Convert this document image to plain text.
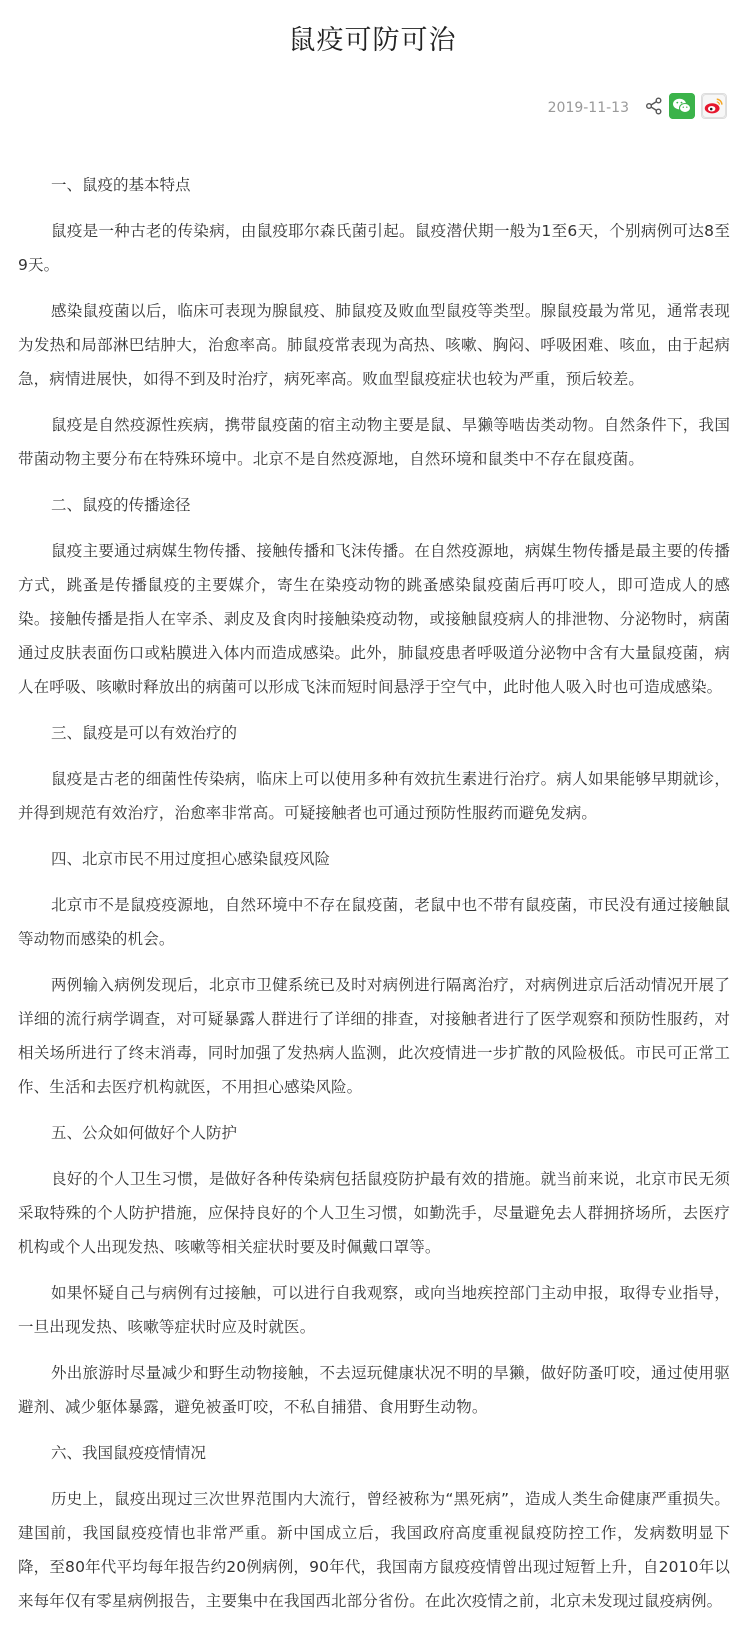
鼠疫可防可治
2019-11-13

一、鼠疫的基本特点

鼠疫是一种古老的传染病，由鼠疫耶尔森氏菌引起。鼠疫潜伏期一般为1至6天，个别病例可达8至9天。

感染鼠疫菌以后，临床可表现为腺鼠疫、肺鼠疫及败血型鼠疫等类型。腺鼠疫最为常见，通常表现为发热和局部淋巴结肿大，治愈率高。肺鼠疫常表现为高热、咳嗽、胸闷、呼吸困难、咳血，由于起病急，病情进展快，如得不到及时治疗，病死率高。败血型鼠疫症状也较为严重，预后较差。

鼠疫是自然疫源性疾病，携带鼠疫菌的宿主动物主要是鼠、旱獭等啮齿类动物。自然条件下，我国带菌动物主要分布在特殊环境中。北京不是自然疫源地，自然环境和鼠类中不存在鼠疫菌。

二、鼠疫的传播途径

鼠疫主要通过病媒生物传播、接触传播和飞沫传播。在自然疫源地，病媒生物传播是最主要的传播方式，跳蚤是传播鼠疫的主要媒介，寄生在染疫动物的跳蚤感染鼠疫菌后再叮咬人，即可造成人的感染。接触传播是指人在宰杀、剥皮及食肉时接触染疫动物，或接触鼠疫病人的排泄物、分泌物时，病菌通过皮肤表面伤口或粘膜进入体内而造成感染。此外，肺鼠疫患者呼吸道分泌物中含有大量鼠疫菌，病人在呼吸、咳嗽时释放出的病菌可以形成飞沫而短时间悬浮于空气中，此时他人吸入时也可造成感染。

三、鼠疫是可以有效治疗的

鼠疫是古老的细菌性传染病，临床上可以使用多种有效抗生素进行治疗。病人如果能够早期就诊，并得到规范有效治疗，治愈率非常高。可疑接触者也可通过预防性服药而避免发病。

四、北京市民不用过度担心感染鼠疫风险

北京市不是鼠疫疫源地，自然环境中不存在鼠疫菌，老鼠中也不带有鼠疫菌，市民没有通过接触鼠等动物而感染的机会。

两例输入病例发现后，北京市卫健系统已及时对病例进行隔离治疗，对病例进京后活动情况开展了详细的流行病学调查，对可疑暴露人群进行了详细的排查，对接触者进行了医学观察和预防性服药，对相关场所进行了终末消毒，同时加强了发热病人监测，此次疫情进一步扩散的风险极低。市民可正常工作、生活和去医疗机构就医，不用担心感染风险。

五、公众如何做好个人防护

良好的个人卫生习惯，是做好各种传染病包括鼠疫防护最有效的措施。就当前来说，北京市民无须采取特殊的个人防护措施，应保持良好的个人卫生习惯，如勤洗手，尽量避免去人群拥挤场所，去医疗机构或个人出现发热、咳嗽等相关症状时要及时佩戴口罩等。

如果怀疑自己与病例有过接触，可以进行自我观察，或向当地疾控部门主动申报，取得专业指导，一旦出现发热、咳嗽等症状时应及时就医。

外出旅游时尽量减少和野生动物接触，不去逗玩健康状况不明的旱獭，做好防蚤叮咬，通过使用驱避剂、减少躯体暴露，避免被蚤叮咬，不私自捕猎、食用野生动物。

六、我国鼠疫疫情情况

历史上，鼠疫出现过三次世界范围内大流行，曾经被称为“黑死病”，造成人类生命健康严重损失。建国前，我国鼠疫疫情也非常严重。新中国成立后，我国政府高度重视鼠疫防控工作，发病数明显下降，至80年代平均每年报告约20例病例，90年代，我国南方鼠疫疫情曾出现过短暂上升，自2010年以来每年仅有零星病例报告，主要集中在我国西北部分省份。在此次疫情之前，北京未发现过鼠疫病例。
